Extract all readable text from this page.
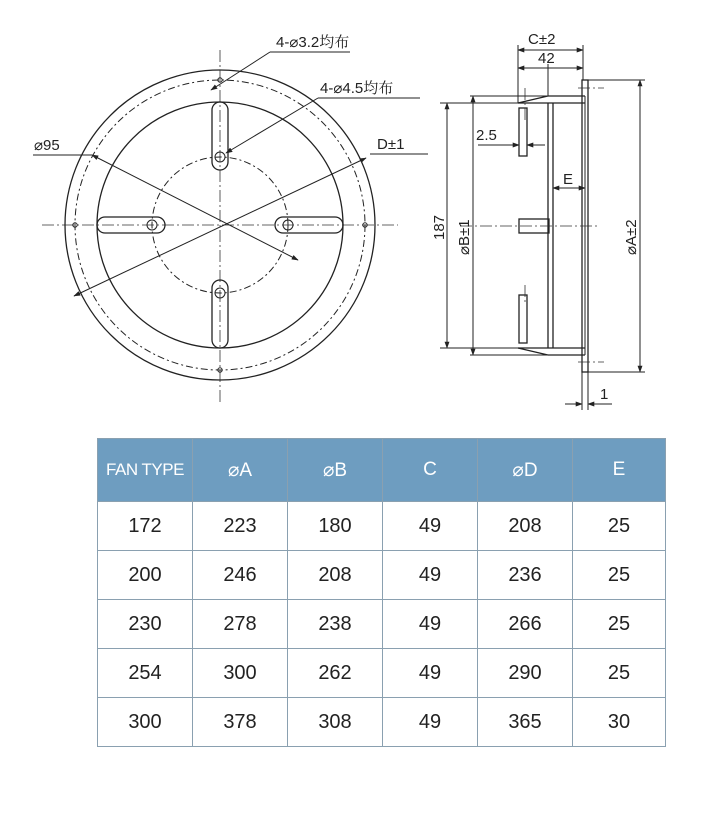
4-⌀3.2均布
4-⌀4.5均布
⌀95	D±1
C±2
42
2.5
E
187 ⌀B±1	⌀A±2
1
FAN TYPE	⌀A	⌀B	C	⌀D	E
172	223	180	49	208	25
200	246	208	49	236	25
230	278	238	49	266	25
254	300	262	49	290	25
300	378	308	49	365	30
